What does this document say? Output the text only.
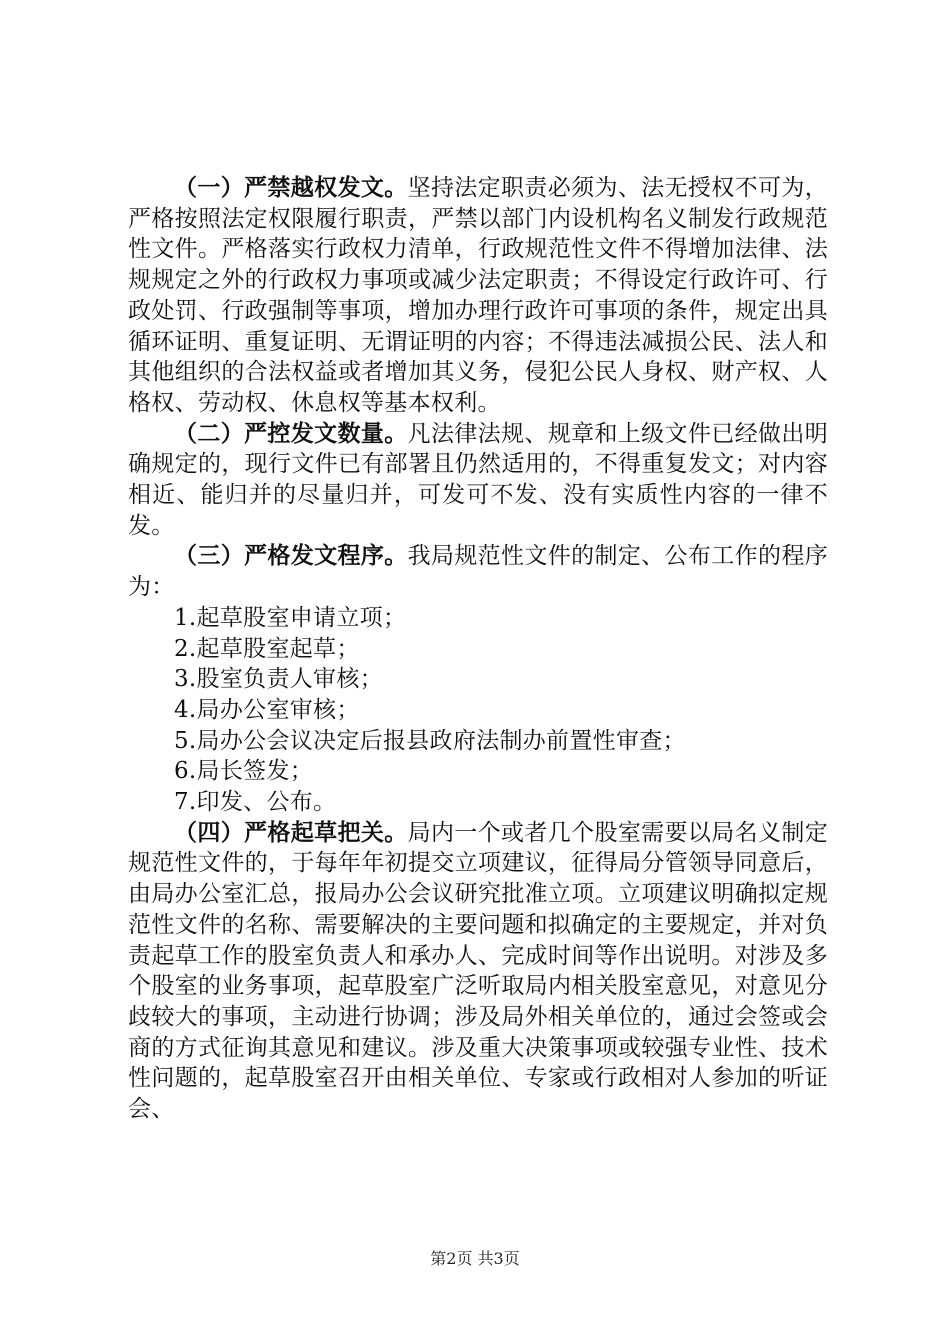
（一）严禁越权发文。坚持法定职责必须为、法无授权不可为，严格按照法定权限履行职责，严禁以部门内设机构名义制发行政规范性文件。严格落实行政权力清单，行政规范性文件不得增加法律、法规规定之外的行政权力事项或减少法定职责；不得设定行政许可、行政处罚、行政强制等事项，增加办理行政许可事项的条件，规定出具循环证明、重复证明、无谓证明的内容；不得违法减损公民、法人和其他组织的合法权益或者增加其义务，侵犯公民人身权、财产权、人格权、劳动权、休息权等基本权利。

（二）严控发文数量。凡法律法规、规章和上级文件已经做出明确规定的，现行文件已有部署且仍然适用的，不得重复发文；对内容相近、能归并的尽量归并，可发可不发、没有实质性内容的一律不发。

（三）严格发文程序。我局规范性文件的制定、公布工作的程序为：

1.起草股室申请立项；

2.起草股室起草；

3.股室负责人审核；

4.局办公室审核；

5.局办公会议决定后报县政府法制办前置性审查；

6.局长签发；

7.印发、公布。

（四）严格起草把关。局内一个或者几个股室需要以局名义制定规范性文件的，于每年年初提交立项建议，征得局分管领导同意后，由局办公室汇总，报局办公会议研究批准立项。立项建议明确拟定规范性文件的名称、需要解决的主要问题和拟确定的主要规定，并对负责起草工作的股室负责人和承办人、完成时间等作出说明。对涉及多个股室的业务事项，起草股室广泛听取局内相关股室意见，对意见分歧较大的事项，主动进行协调；涉及局外相关单位的，通过会签或会商的方式征询其意见和建议。涉及重大决策事项或较强专业性、技术性问题的，起草股室召开由相关单位、专家或行政相对人参加的听证会、

第2页 共3页
